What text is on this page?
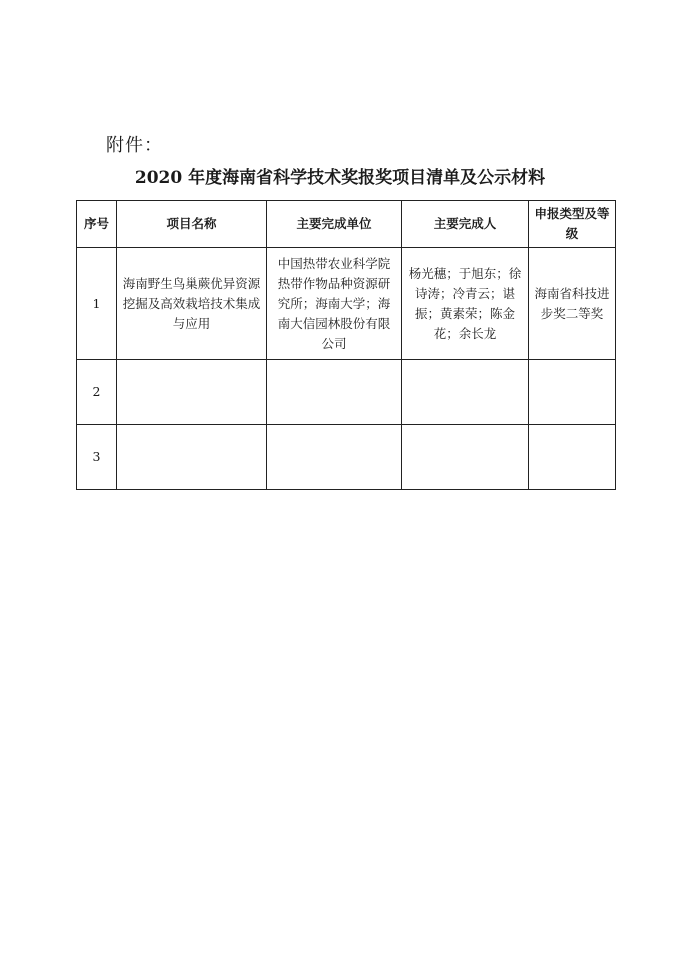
附件：
2020 年度海南省科学技术奖报奖项目清单及公示材料
序号	项目名称	主要完成单位	主要完成人	申报类型及等级
1	海南野生鸟巢蕨优异资源挖掘及高效栽培技术集成与应用	中国热带农业科学院热带作物品种资源研究所；海南大学；海南大信园林股份有限公司	杨光穗；于旭东；徐诗涛；冷青云；谌振；黄素荣；陈金花；余长龙	海南省科技进步奖二等奖
2				
3				
